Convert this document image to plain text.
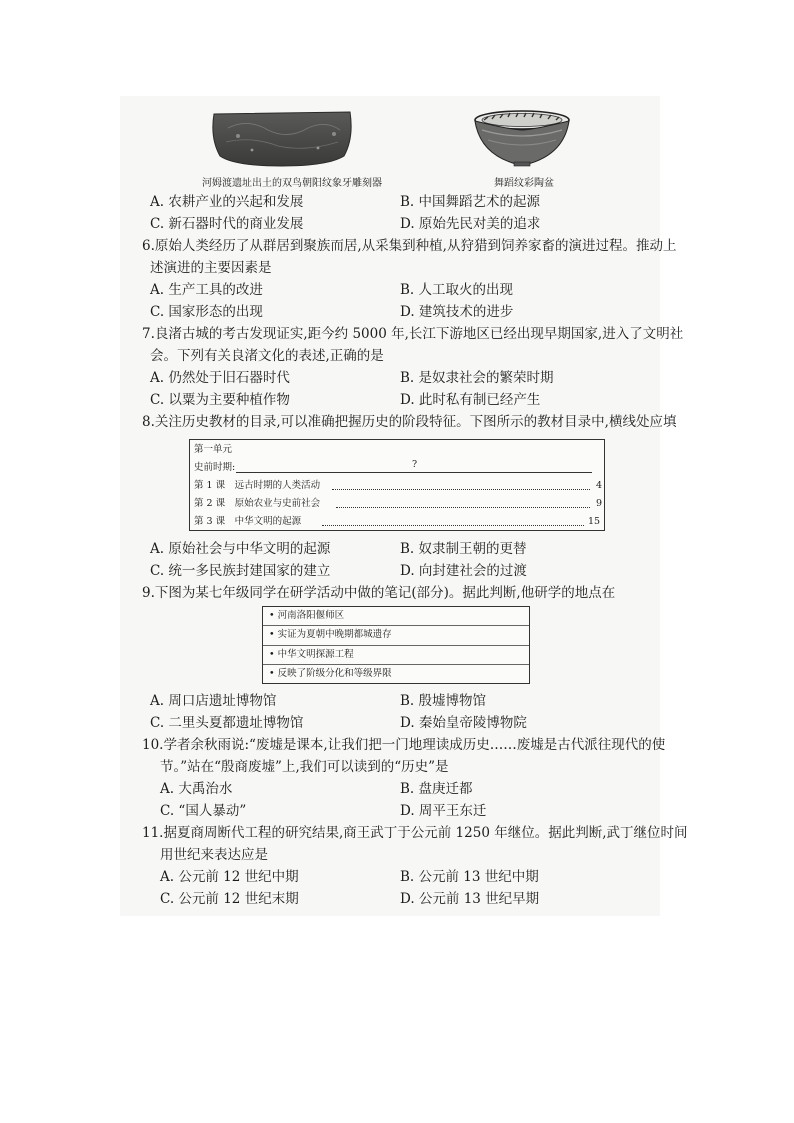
河姆渡遗址出土的双鸟朝阳纹象牙雕刻器	舞蹈纹彩陶盆
A. 农耕产业的兴起和发展	B. 中国舞蹈艺术的起源
C. 新石器时代的商业发展	D. 原始先民对美的追求
6.原始人类经历了从群居到聚族而居,从采集到种植,从狩猎到饲养家畜的演进过程。推动上
述演进的主要因素是
A. 生产工具的改进	B. 人工取火的出现
C. 国家形态的出现	D. 建筑技术的进步
7.良渚古城的考古发现证实,距今约 5000 年,长江下游地区已经出现早期国家,进入了文明社
会。下列有关良渚文化的表述,正确的是
A. 仍然处于旧石器时代	B. 是奴隶社会的繁荣时期
C. 以粟为主要种植作物	D. 此时私有制已经产生
8.关注历史教材的目录,可以准确把握历史的阶段特征。下图所示的教材目录中,横线处应填
第一单元
史前时期:	?
第 1 课　远古时期的人类活动	4
第 2 课　原始农业与史前社会	9
第 3 课　中华文明的起源	15
A. 原始社会与中华文明的起源	B. 奴隶制王朝的更替
C. 统一多民族封建国家的建立	D. 向封建社会的过渡
9.下图为某七年级同学在研学活动中做的笔记(部分)。据此判断,他研学的地点在
• 河南洛阳偃师区
• 实证为夏朝中晚期都城遗存
• 中华文明探源工程
• 反映了阶级分化和等级界限
A. 周口店遗址博物馆	B. 殷墟博物馆
C. 二里头夏都遗址博物馆	D. 秦始皇帝陵博物院
10.学者余秋雨说:“废墟是课本,让我们把一门地理读成历史……废墟是古代派往现代的使
节。”站在“殷商废墟”上,我们可以读到的“历史”是
A. 大禹治水	B. 盘庚迁都
C. “国人暴动”	D. 周平王东迁
11.据夏商周断代工程的研究结果,商王武丁于公元前 1250 年继位。据此判断,武丁继位时间
用世纪来表达应是
A. 公元前 12 世纪中期	B. 公元前 13 世纪中期
C. 公元前 12 世纪末期	D. 公元前 13 世纪早期
